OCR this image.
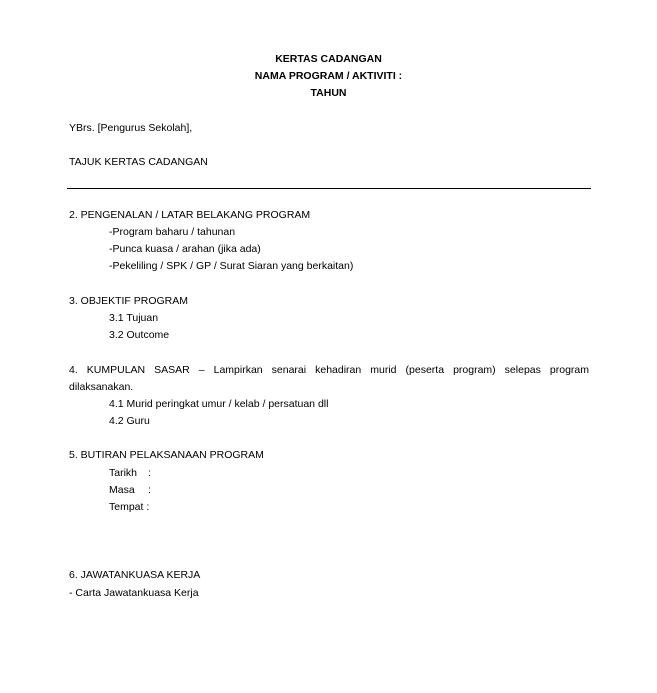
KERTAS CADANGAN
NAMA PROGRAM / AKTIVITI :
TAHUN
YBrs. [Pengurus Sekolah],
TAJUK KERTAS CADANGAN
2. PENGENALAN / LATAR BELAKANG PROGRAM
-Program baharu / tahunan
-Punca kuasa / arahan (jika ada)
-Pekeliling / SPK / GP / Surat Siaran yang berkaitan)
3. OBJEKTIF PROGRAM
3.1 Tujuan
3.2 Outcome
4. KUMPULAN SASAR – Lampirkan senarai kehadiran murid (peserta program) selepas program
dilaksanakan.
4.1 Murid peringkat umur / kelab / persatuan dll
4.2 Guru
5. BUTIRAN PELAKSANAAN PROGRAM
Tarikh :
Masa :
Tempat :
6. JAWATANKUASA KERJA
- Carta Jawatankuasa Kerja
